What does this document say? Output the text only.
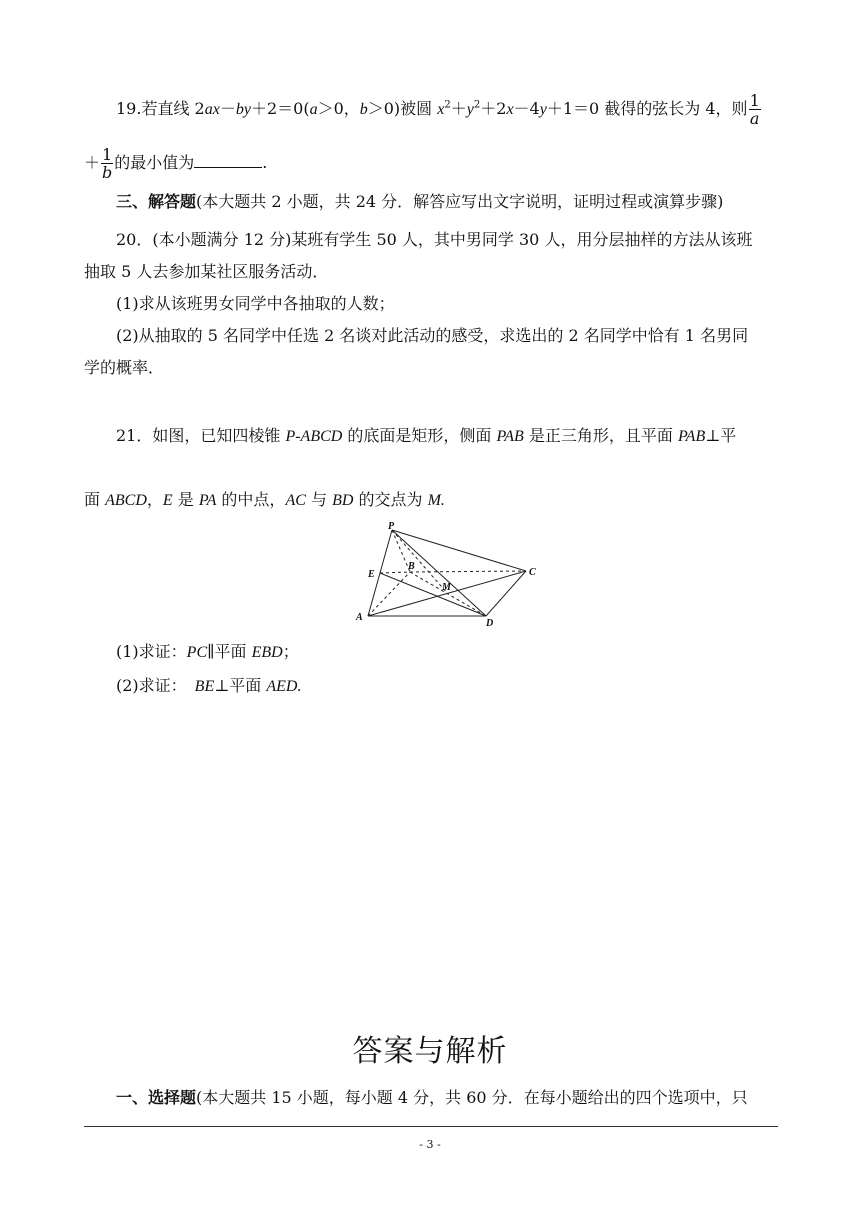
19.若直线 2ax－by＋2＝0(a＞0，b＞0)被圆 $x^2+y^2+2x-4y+1=0$ 截得的弦长为 4，则 $\frac{1}{a}$
＋ $\frac{1}{b}$ 的最小值为	.
三、解答题(本大题共 2 小题，共 24 分．解答应写出文字说明，证明过程或演算步骤)
20．(本小题满分 12 分)某班有学生 50 人，其中男同学 30 人，用分层抽样的方法从该班
抽取 5 人去参加某社区服务活动．
(1)求从该班男女同学中各抽取的人数；
(2)从抽取的 5 名同学中任选 2 名谈对此活动的感受，求选出的 2 名同学中恰有 1 名男同
学的概率．
21．如图，已知四棱锥 P-ABCD 的底面是矩形，侧面 PAB 是正三角形，且平面 PAB⊥平
面 ABCD，E 是 PA 的中点，AC 与 BD 的交点为 M.
P
E
B
M
C
A
D
(1)求证：PC∥平面 EBD；
(2)求证：　BE⊥平面 AED.
答案与解析
一、选择题(本大题共 15 小题，每小题 4 分，共 60 分．在每小题给出的四个选项中，只
- 3 -
